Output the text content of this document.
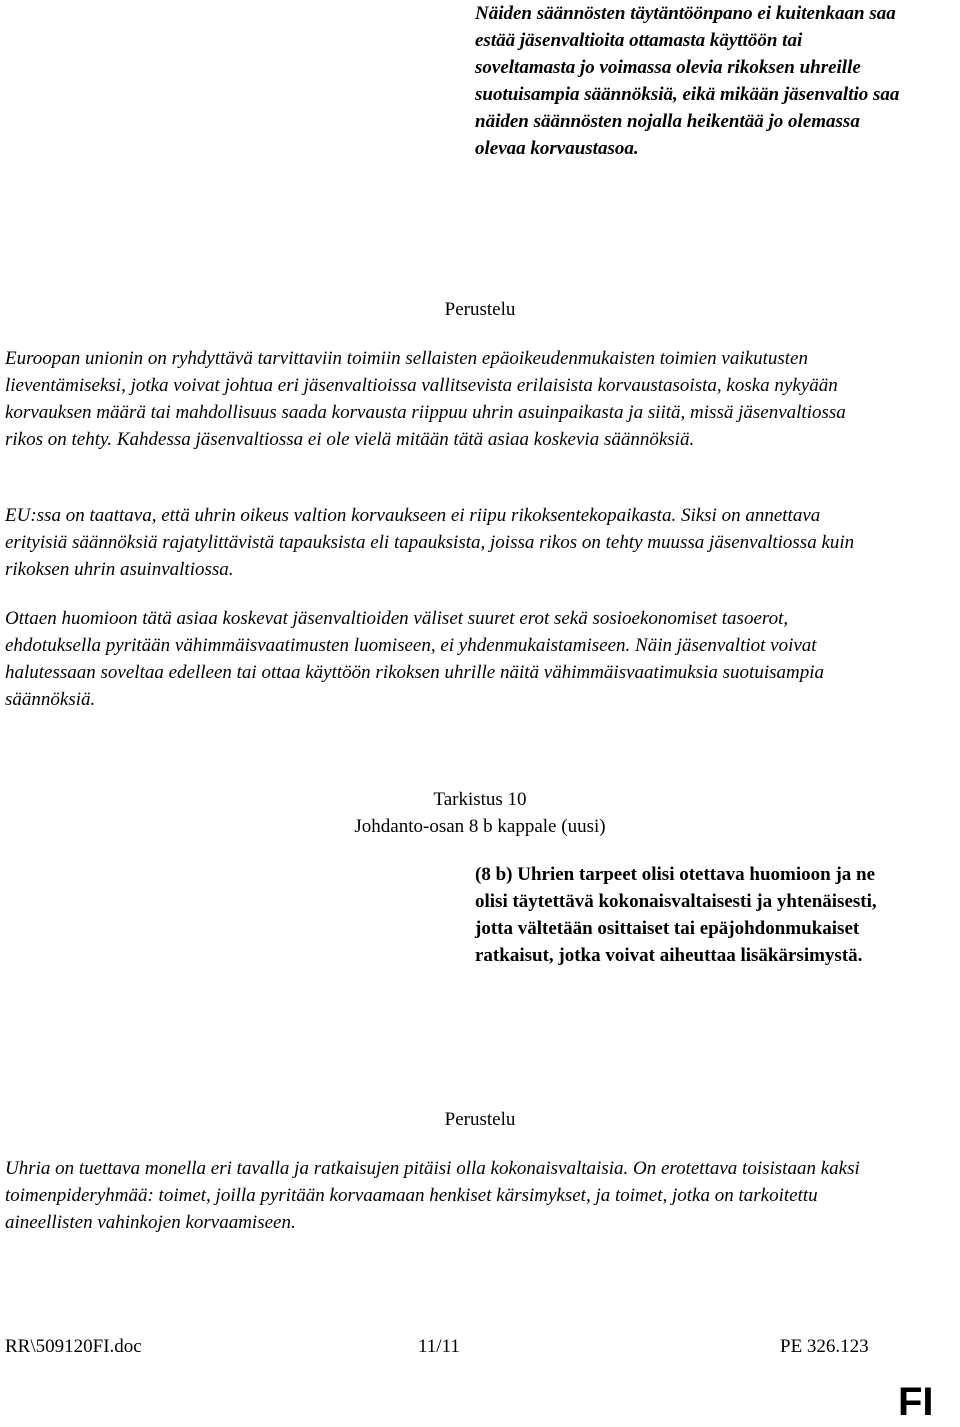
Näiden säännösten täytäntöönpano ei kuitenkaan saa estää jäsenvaltioita ottamasta käyttöön tai soveltamasta jo voimassa olevia rikoksen uhreille suotuisampia säännöksiä, eikä mikään jäsenvaltio saa näiden säännösten nojalla heikentää jo olemassa olevaa korvaustasoa.
Perustelu
Euroopan unionin on ryhdyttävä tarvittaviin toimiin sellaisten epäoikeudenmukaisten toimien vaikutusten lieventämiseksi, jotka voivat johtua eri jäsenvaltioissa vallitsevista erilaisista korvaustasoista, koska nykyään korvauksen määrä tai mahdollisuus saada korvausta riippuu uhrin asuinpaikasta ja siitä, missä jäsenvaltiossa rikos on tehty. Kahdessa jäsenvaltiossa ei ole vielä mitään tätä asiaa koskevia säännöksiä.
EU:ssa on taattava, että uhrin oikeus valtion korvaukseen ei riipu rikoksentekopaikasta. Siksi on annettava erityisiä säännöksiä rajatylittävistä tapauksista eli tapauksista, joissa rikos on tehty muussa jäsenvaltiossa kuin rikoksen uhrin asuinvaltiossa.
Ottaen huomioon tätä asiaa koskevat jäsenvaltioiden väliset suuret erot sekä sosioekonomiset tasoerot, ehdotuksella pyritään vähimmäisvaatimusten luomiseen, ei yhdenmukaistamiseen. Näin jäsenvaltiot voivat halutessaan soveltaa edelleen tai ottaa käyttöön rikoksen uhrille näitä vähimmäisvaatimuksia suotuisampia säännöksiä.
Tarkistus 10
Johdanto-osan 8 b kappale (uusi)
(8 b) Uhrien tarpeet olisi otettava huomioon ja ne olisi täytettävä kokonaisvaltaisesti ja yhtenäisesti, jotta vältetään osittaiset tai epäjohdonmukaiset ratkaisut, jotka voivat aiheuttaa lisäkärsimystä.
Perustelu
Uhria on tuettava monella eri tavalla ja ratkaisujen pitäisi olla kokonaisvaltaisia. On erotettava toisistaan kaksi toimenpideryhmää: toimet, joilla pyritään korvaamaan henkiset kärsimykset, ja toimet, jotka on tarkoitettu aineellisten vahinkojen korvaamiseen.
RR\509120FI.doc	11/11	PE 326.123
FI
